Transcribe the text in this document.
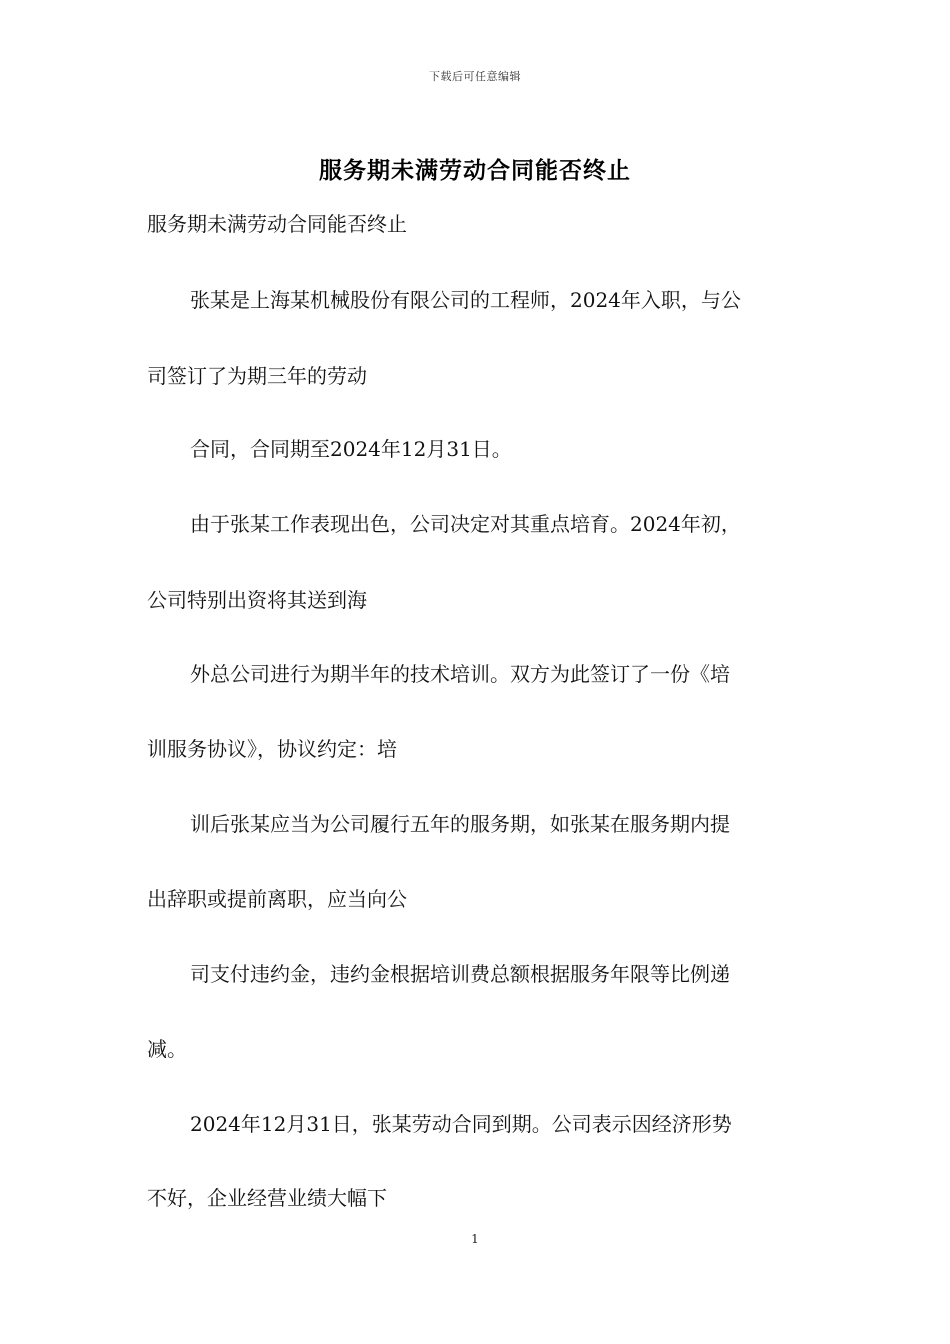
下载后可任意编辑
服务期未满劳动合同能否终止
服务期未满劳动合同能否终止
张某是上海某机械股份有限公司的工程师，2024年入职，与公
司签订了为期三年的劳动
合同，合同期至2024年12月31日。
由于张某工作表现出色，公司决定对其重点培育。2024年初，
公司特别出资将其送到海
外总公司进行为期半年的技术培训。双方为此签订了一份《培
训服务协议》，协议约定：培
训后张某应当为公司履行五年的服务期，如张某在服务期内提
出辞职或提前离职，应当向公
司支付违约金，违约金根据培训费总额根据服务年限等比例递
减。
2024年12月31日，张某劳动合同到期。公司表示因经济形势
不好，企业经营业绩大幅下
1
